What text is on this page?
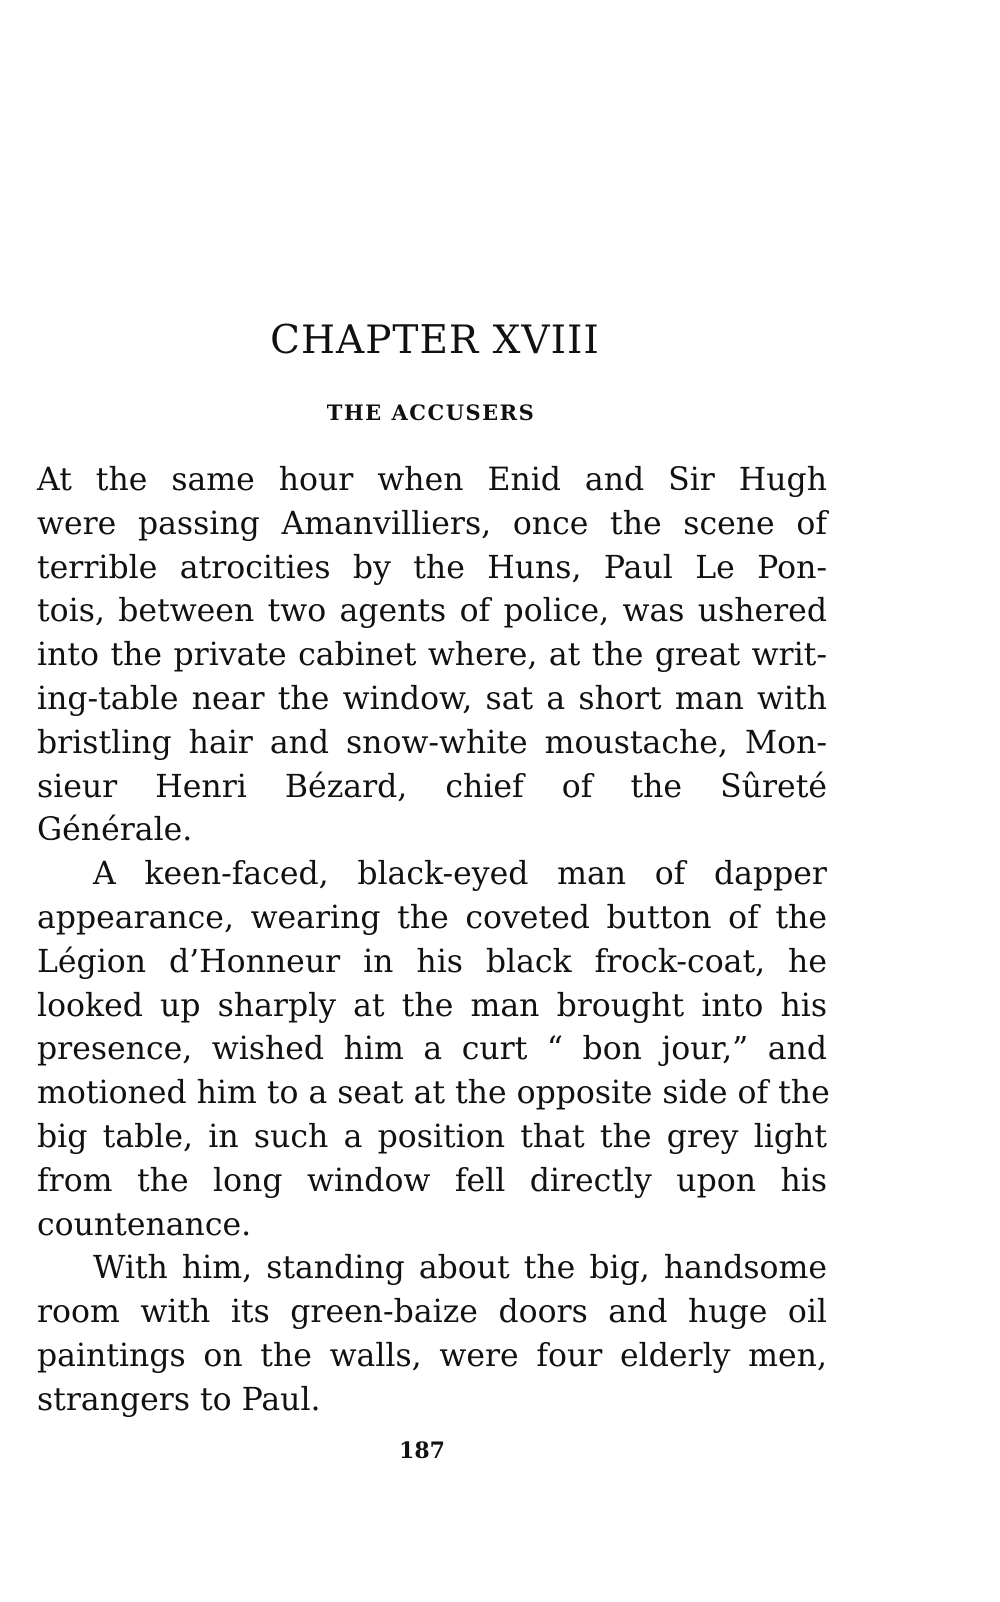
CHAPTER XVIII
THE ACCUSERS

At the same hour when Enid and Sir Hugh
were passing Amanvilliers, once the scene of
terrible atrocities by the Huns, Paul Le Pon-
tois, between two agents of police, was ushered
into the private cabinet where, at the great writ-
ing-table near the window, sat a short man with
bristling hair and snow-white moustache, Mon-
sieur Henri Bézard, chief of the Sûreté
Générale.

A keen-faced, black-eyed man of dapper
appearance, wearing the coveted button of the
Légion d’Honneur in his black frock-coat, he
looked up sharply at the man brought into his
presence, wished him a curt “ bon jour,” and
motioned him to a seat at the opposite side of the
big table, in such a position that the grey light
from the long window fell directly upon his
countenance.

With him, standing about the big, handsome
room with its green-baize doors and huge oil
paintings on the walls, were four elderly men,
strangers to Paul.

187
